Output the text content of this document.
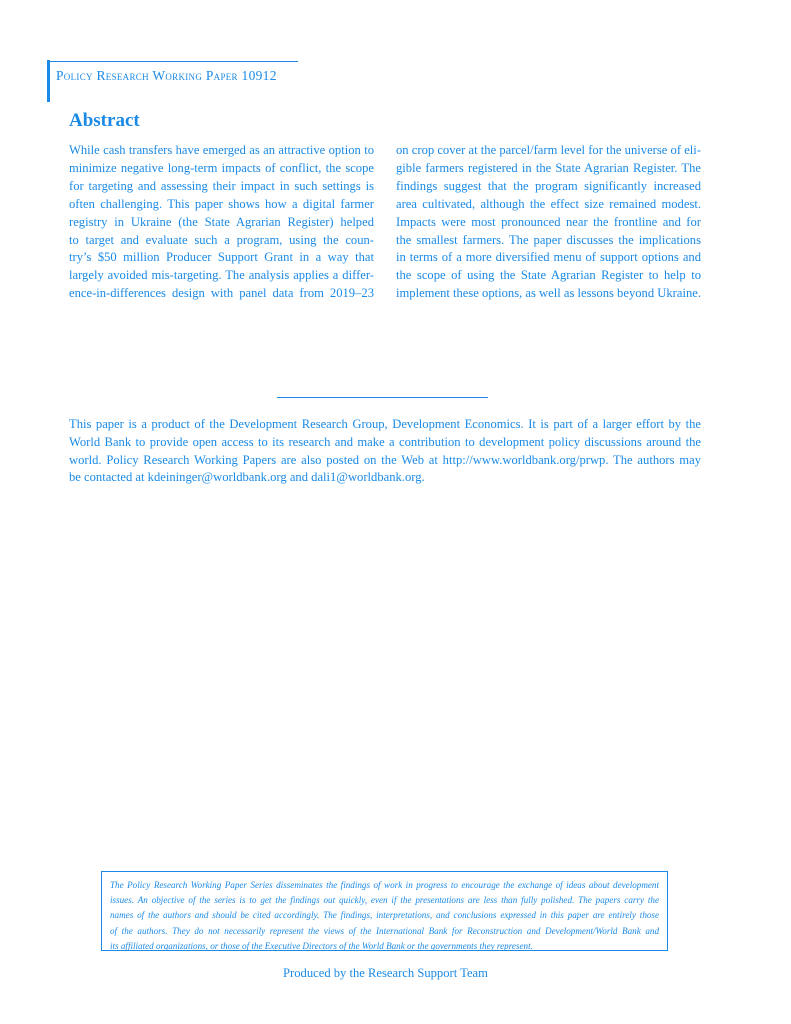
Policy Research Working Paper 10912
Abstract
While cash transfers have emerged as an attractive option to
minimize negative long-term impacts of conflict, the scope
for targeting and assessing their impact in such settings is
often challenging. This paper shows how a digital farmer
registry in Ukraine (the State Agrarian Register) helped
to target and evaluate such a program, using the coun-
try’s $50 million Producer Support Grant in a way that
largely avoided mis-targeting. The analysis applies a differ-
ence-in-differences design with panel data from 2019–23
on crop cover at the parcel/farm level for the universe of eli-
gible farmers registered in the State Agrarian Register. The
findings suggest that the program significantly increased
area cultivated, although the effect size remained modest.
Impacts were most pronounced near the frontline and for
the smallest farmers. The paper discusses the implications
in terms of a more diversified menu of support options and
the scope of using the State Agrarian Register to help to
implement these options, as well as lessons beyond Ukraine.
This paper is a product of the Development Research Group, Development Economics. It is part of a larger effort by the
World Bank to provide open access to its research and make a contribution to development policy discussions around the
world. Policy Research Working Papers are also posted on the Web at http://www.worldbank.org/prwp. The authors may
be contacted at kdeininger@worldbank.org and dali1@worldbank.org.
The Policy Research Working Paper Series disseminates the findings of work in progress to encourage the exchange of ideas about development
issues. An objective of the series is to get the findings out quickly, even if the presentations are less than fully polished. The papers carry the
names of the authors and should be cited accordingly. The findings, interpretations, and conclusions expressed in this paper are entirely those
of the authors. They do not necessarily represent the views of the International Bank for Reconstruction and Development/World Bank and
its affiliated organizations, or those of the Executive Directors of the World Bank or the governments they represent.
Produced by the Research Support Team
